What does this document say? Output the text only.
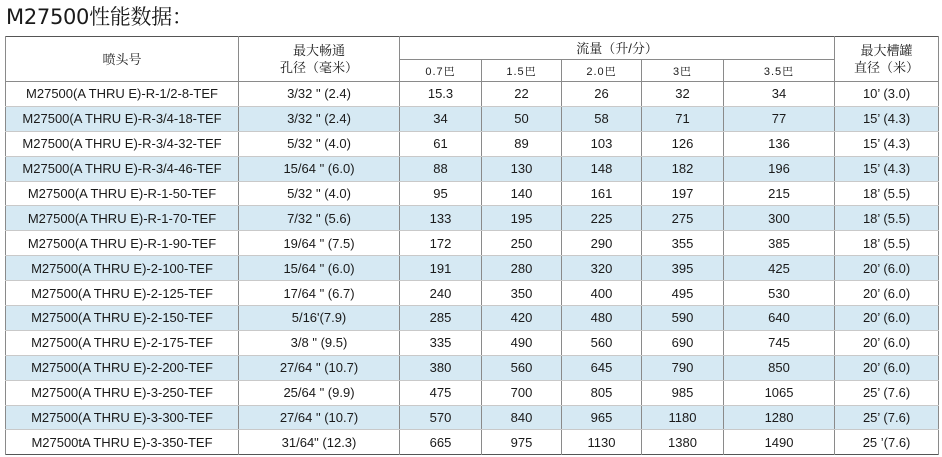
M27500性能数据：
喷头号	最大畅通
孔径（毫米）	流量（升/分）					最大槽罐
直径（米）

		0.7巴	1.5巴	2.0巴	3巴	3.5巴	
M27500(A THRU E)-R-1/2-8-TEF	3/32 " (2.4)	15.3	22	26	32	34	10’ (3.0)
M27500(A THRU E)-R-3/4-18-TEF	3/32 " (2.4)	34	50	58	71	77	15’ (4.3)
M27500(A THRU E)-R-3/4-32-TEF	5/32 " (4.0)	61	89	103	126	136	15’ (4.3)
M27500(A THRU E)-R-3/4-46-TEF	15/64 " (6.0)	88	130	148	182	196	15’ (4.3)
M27500(A THRU E)-R-1-50-TEF	5/32 " (4.0)	95	140	161	197	215	18’ (5.5)
M27500(A THRU E)-R-1-70-TEF	7/32 " (5.6)	133	195	225	275	300	18’ (5.5)
M27500(A THRU E)-R-1-90-TEF	19/64 " (7.5)	172	250	290	355	385	18’ (5.5)
M27500(A THRU E)-2-100-TEF	15/64 " (6.0)	191	280	320	395	425	20’ (6.0)
M27500(A THRU E)-2-125-TEF	17/64 " (6.7)	240	350	400	495	530	20’ (6.0)
M27500(A THRU E)-2-150-TEF	5/16'(7.9)	285	420	480	590	640	20’ (6.0)
M27500(A THRU E)-2-175-TEF	3/8 " (9.5)	335	490	560	690	745	20’ (6.0)
M27500(A THRU E)-2-200-TEF	27/64 " (10.7)	380	560	645	790	850	20’ (6.0)
M27500(A THRU E)-3-250-TEF	25/64 " (9.9)	475	700	805	985	1065	25’ (7.6)
M27500(A THRU E)-3-300-TEF	27/64 " (10.7)	570	840	965	1180	1280	25’ (7.6)
M27500tA THRU E)-3-350-TEF	31/64" (12.3)	665	975	1130	1380	1490	25 ’(7.6)
